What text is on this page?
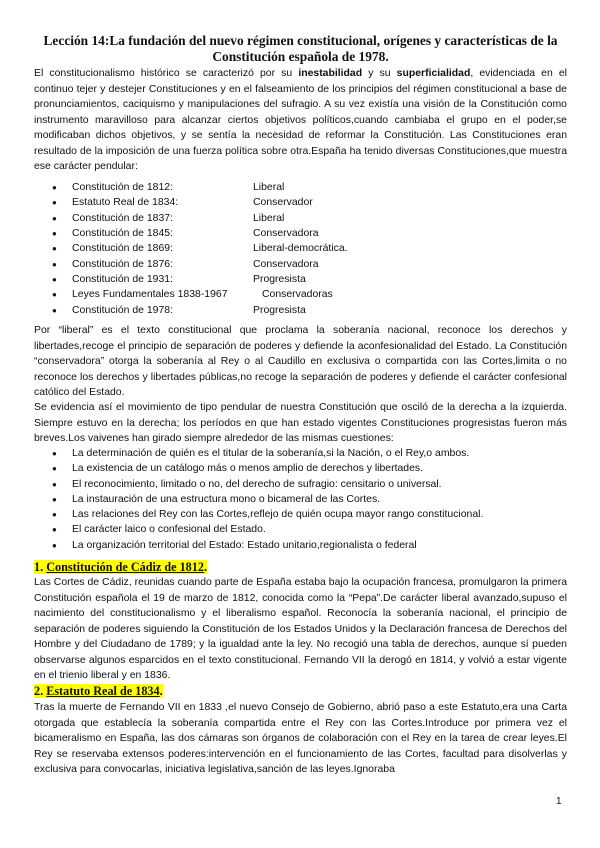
Lección 14:La fundación del nuevo régimen constitucional, orígenes y características de la Constitución española de 1978.

El constitucionalismo histórico se caracterizó por su inestabilidad y su superficialidad, evidenciada en el continuo tejer y destejer Constituciones y en el falseamiento de los principios del régimen constitucional a base de pronunciamientos, caciquismo y manipulaciones del sufragio. A su vez existía una visión de la Constitución como instrumento maravilloso para alcanzar ciertos objetivos políticos,cuando cambiaba el grupo en el poder,se modificaban dichos objetivos, y se sentía la necesidad de reformar la Constitución. Las Constituciones eran resultado de la imposición de una fuerza política sobre otra.España ha tenido diversas Constituciones,que muestra ese carácter pendular:

● Constitución de 1812:	Liberal
● Estatuto Real de 1834:	Conservador
● Constitución de 1837:	Liberal
● Constitución de 1845:	Conservadora
● Constitución de 1869:	Liberal-democrática.
● Constitución de 1876:	Conservadora
● Constitución de 1931:	Progresista
● Leyes Fundamentales 1838-1967	Conservadoras
● Constitución de 1978:	Progresista

Por “liberal” es el texto constitucional que proclama la soberanía nacional, reconoce los derechos y libertades,recoge el principio de separación de poderes y defiende la aconfesionalidad del Estado. La Constitución “conservadora” otorga la soberanía al Rey o al Caudillo en exclusiva o compartida con las Cortes,limita o no reconoce los derechos y libertades públicas,no recoge la separación de poderes y defiende el carácter confesional católico del Estado.

Se evidencia así el movimiento de tipo pendular de nuestra Constitución que osciló de la derecha a la izquierda. Siempre estuvo en la derecha; los períodos en que han estado vigentes Constituciones progresistas fueron más breves.Los vaivenes han girado siempre alrededor de las mismas cuestiones:

● La determinación de quién es el titular de la soberanía,si la Nación, o el Rey,o ambos.
● La existencia de un catálogo más o menos amplio de derechos y libertades.
● El reconocimiento, limitado o no, del derecho de sufragio: censitario o universal.
● La instauración de una estructura mono o bicameral de las Cortes.
● Las relaciones del Rey con las Cortes,reflejo de quién ocupa mayor rango constitucional.
● El carácter laico o confesional del Estado.
● La organización territorial del Estado: Estado unitario,regionalista o federal
1. Constitución de Cádiz de 1812.

Las Cortes de Cádiz, reunidas cuando parte de España estaba bajo la ocupación francesa, promulgaron la primera Constitución española el 19 de marzo de 1812, conocida como la “Pepa”.De carácter liberal avanzado,supuso el nacimiento del constitucionalismo y el liberalismo español. Reconocía la soberanía nacional, el principio de separación de poderes siguiendo la Constitución de los Estados Unidos y la Declaración francesa de Derechos del Hombre y del Ciudadano de 1789; y la igualdad ante la ley. No recogió una tabla de derechos, aunque sí pueden observarse algunos esparcidos en el texto constitucional. Fernando VII la derogó en 1814, y volvió a estar vigente en el trienio liberal y en 1836.

2. Estatuto Real de 1834.

Tras la muerte de Fernando VII en 1833 ,el nuevo Consejo de Gobierno, abrió paso a este Estatuto,era una Carta otorgada que establecía la soberanía compartida entre el Rey con las Cortes.Introduce por primera vez el bicameralismo en España, las dos cámaras son órganos de colaboración con el Rey en la tarea de crear leyes.El Rey se reservaba extensos poderes:intervención en el funcionamiento de las Cortes, facultad para disolverlas y exclusiva para convocarlas, iniciativa legislativa,sanción de las leyes.Ignoraba

1
